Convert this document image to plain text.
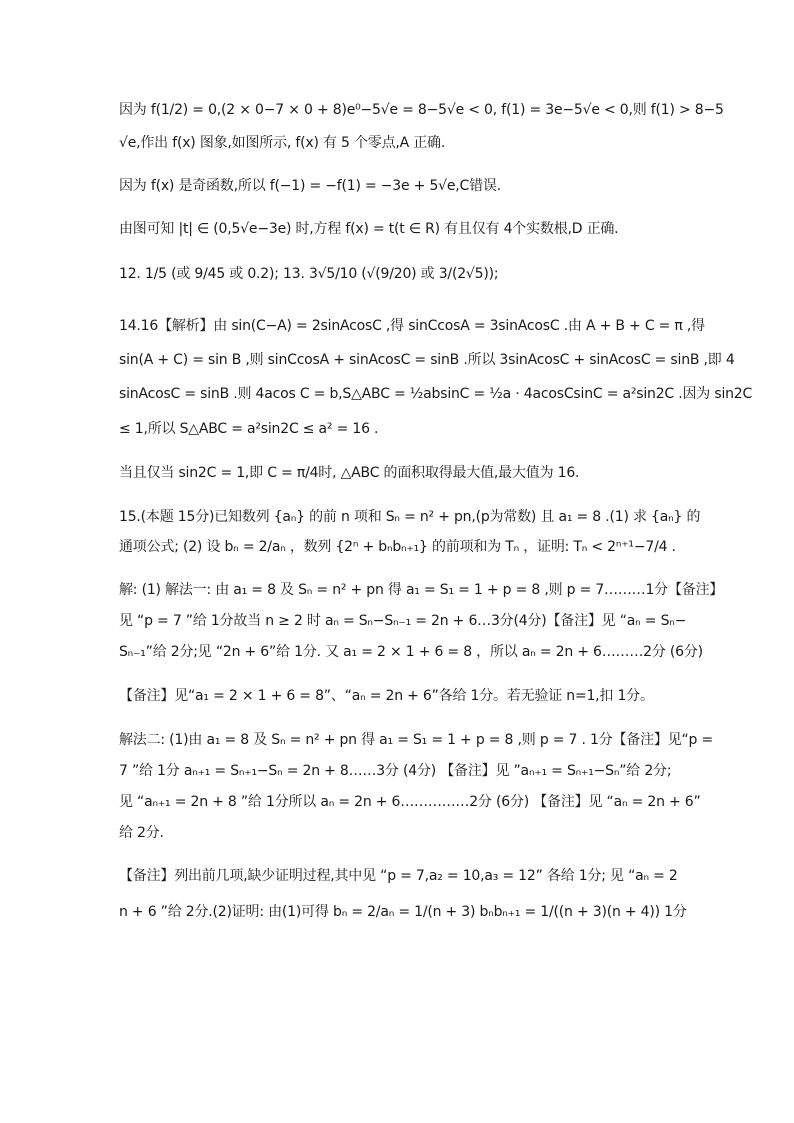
因为 f(1/2) = 0,(2 × 0−7 × 0 + 8)e⁰−5√e = 8−5√e < 0, f(1) = 3e−5√e < 0,则 f(1) > 8−5
√e,作出 f(x) 图象,如图所示, f(x) 有 5 个零点,A 正确.
因为 f(x) 是奇函数,所以 f(−1) = −f(1) = −3e + 5√e,C错误.
由图可知 |t| ∈ (0,5√e−3e) 时,方程 f(x) = t(t ∈ R) 有且仅有 4个实数根,D 正确.
12. 1/5 (或 9/45 或 0.2); 13. 3√5/10 (√(9/20) 或 3/(2√5));
14.16【解析】由 sin(C−A) = 2sinAcosC ,得 sinCcosA = 3sinAcosC .由 A + B + C = π ,得
sin(A + C) = sin B ,则 sinCcosA + sinAcosC = sinB .所以 3sinAcosC + sinAcosC = sinB ,即 4
sinAcosC = sinB .则 4acos C = b,S△ABC = ½absinC = ½a · 4acosCsinC = a²sin2C .因为 sin2C
≤ 1,所以 S△ABC = a²sin2C ≤ a² = 16 .
当且仅当 sin2C = 1,即 C = π/4时, △ABC 的面积取得最大值,最大值为 16.
15.(本题 15分)已知数列 {aₙ} 的前 n 项和 Sₙ = n² + pn,(p为常数) 且 a₁ = 8 .(1) 求 {aₙ} 的
通项公式; (2) 设 bₙ = 2/aₙ ，数列 {2ⁿ + bₙbₙ₊₁} 的前项和为 Tₙ ，证明: Tₙ < 2ⁿ⁺¹−7/4 .
解: (1) 解法一: 由 a₁ = 8 及 Sₙ = n² + pn 得 a₁ = S₁ = 1 + p = 8 ,则 p = 7………1分【备注】
见 “p = 7 ”给 1分故当 n ≥ 2 时 aₙ = Sₙ−Sₙ₋₁ = 2n + 6…3分(4分)【备注】见 “aₙ = Sₙ−
Sₙ₋₁”给 2分;见 “2n + 6”给 1分. 又 a₁ = 2 × 1 + 6 = 8 ，所以 aₙ = 2n + 6………2分 (6分)
【备注】见“a₁ = 2 × 1 + 6 = 8”、“aₙ = 2n + 6”各给 1分。若无验证 n=1,扣 1分。
解法二: (1)由 a₁ = 8 及 Sₙ = n² + pn 得 a₁ = S₁ = 1 + p = 8 ,则 p = 7 . 1分【备注】见“p =
7 ”给 1分 aₙ₊₁ = Sₙ₊₁−Sₙ = 2n + 8……3分 (4分) 【备注】见 ”aₙ₊₁ = Sₙ₊₁−Sₙ”给 2分;
见 “aₙ₊₁ = 2n + 8 ”给 1分所以 aₙ = 2n + 6……………2分 (6分) 【备注】见 “aₙ = 2n + 6”
给 2分.
【备注】列出前几项,缺少证明过程,其中见 “p = 7,a₂ = 10,a₃ = 12” 各给 1分; 见 “aₙ = 2
n + 6 ”给 2分.(2)证明: 由(1)可得 bₙ = 2/aₙ = 1/(n + 3) bₙbₙ₊₁ = 1/((n + 3)(n + 4)) 1分
